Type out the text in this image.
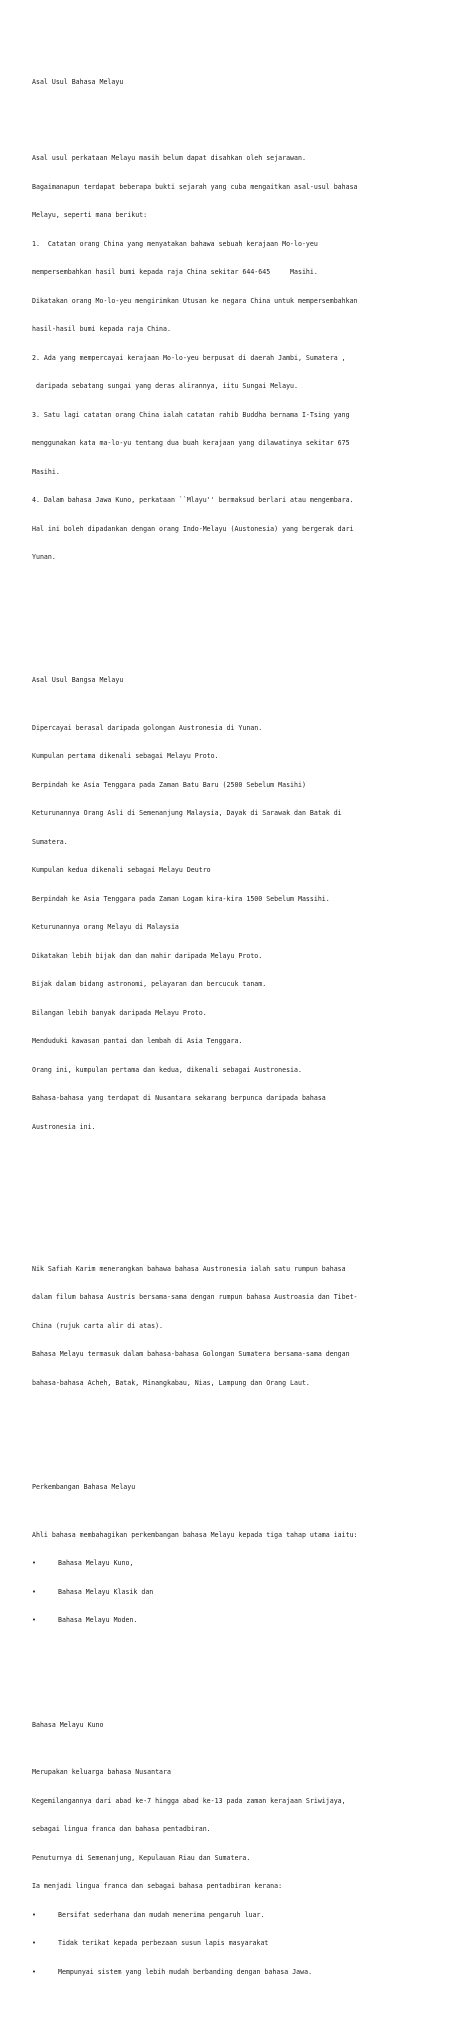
Asal Usul Bahasa Melayu

Asal usul perkataan Melayu masih belum dapat disahkan oleh sejarawan.

Bagaimanapun terdapat beberapa bukti sejarah yang cuba mengaitkan asal-usul bahasa

Melayu, seperti mana berikut:

1.  Catatan orang China yang menyatakan bahawa sebuah kerajaan Mo-lo-yeu

mempersembahkan hasil bumi kepada raja China sekitar 644-645     Masihi.

Dikatakan orang Mo-lo-yeu mengirimkan Utusan ke negara China untuk mempersembahkan

hasil-hasil bumi kepada raja China.

2. Ada yang mempercayai kerajaan Mo-lo-yeu berpusat di daerah Jambi, Sumatera ,

daripada sebatang sungai yang deras alirannya, iitu Sungai Melayu.

3. Satu lagi catatan orang China ialah catatan rahib Buddha bernama I-Tsing yang

menggunakan kata ma-lo-yu tentang dua buah kerajaan yang dilawatinya sekitar 675

Masihi.

4. Dalam bahasa Jawa Kuno, perkataan ``Mlayu'' bermaksud berlari atau mengembara.

Hal ini boleh dipadankan dengan orang Indo-Melayu (Austonesia) yang bergerak dari

Yunan.

Asal Usul Bangsa Melayu

Dipercayai berasal daripada golongan Austronesia di Yunan.

Kumpulan pertama dikenali sebagai Melayu Proto.

Berpindah ke Asia Tenggara pada Zaman Batu Baru (2500 Sebelum Masihi)

Keturunannya Orang Asli di Semenanjung Malaysia, Dayak di Sarawak dan Batak di

Sumatera.

Kumpulan kedua dikenali sebagai Melayu Deutro

Berpindah ke Asia Tenggara pada Zaman Logam kira-kira 1500 Sebelum Massihi.

Keturunannya orang Melayu di Malaysia

Dikatakan lebih bijak dan dan mahir daripada Melayu Proto.

Bijak dalam bidang astronomi, pelayaran dan bercucuk tanam.

Bilangan lebih banyak daripada Melayu Proto.

Menduduki kawasan pantai dan lembah di Asia Tenggara.

Orang ini, kumpulan pertama dan kedua, dikenali sebagai Austronesia.

Bahasa-bahasa yang terdapat di Nusantara sekarang berpunca daripada bahasa

Austronesia ini.

Nik Safiah Karim menerangkan bahawa bahasa Austronesia ialah satu rumpun bahasa

dalam filum bahasa Austris bersama-sama dengan rumpun bahasa Austroasia dan Tibet-

China (rujuk carta alir di atas).

Bahasa Melayu termasuk dalam bahasa-bahasa Golongan Sumatera bersama-sama dengan

bahasa-bahasa Acheh, Batak, Minangkabau, Nias, Lampung dan Orang Laut.

Perkembangan Bahasa Melayu

Ahli bahasa membahagikan perkembangan bahasa Melayu kepada tiga tahap utama iaitu:

•	Bahasa Melayu Kuno,

•	Bahasa Melayu Klasik dan

•	Bahasa Melayu Moden.

Bahasa Melayu Kuno

Merupakan keluarga bahasa Nusantara

Kegemilangannya dari abad ke-7 hingga abad ke-13 pada zaman kerajaan Sriwijaya,

sebagai lingua franca dan bahasa pentadbiran.

Penuturnya di Semenanjung, Kepulauan Riau dan Sumatera.

Ia menjadi lingua franca dan sebagai bahasa pentadbiran kerana:

•	Bersifat sederhana dan mudah menerima pengaruh luar.

•	Tidak terikat kepada perbezaan susun lapis masyarakat

•	Mempunyai sistem yang lebih mudah berbanding dengan bahasa Jawa.
